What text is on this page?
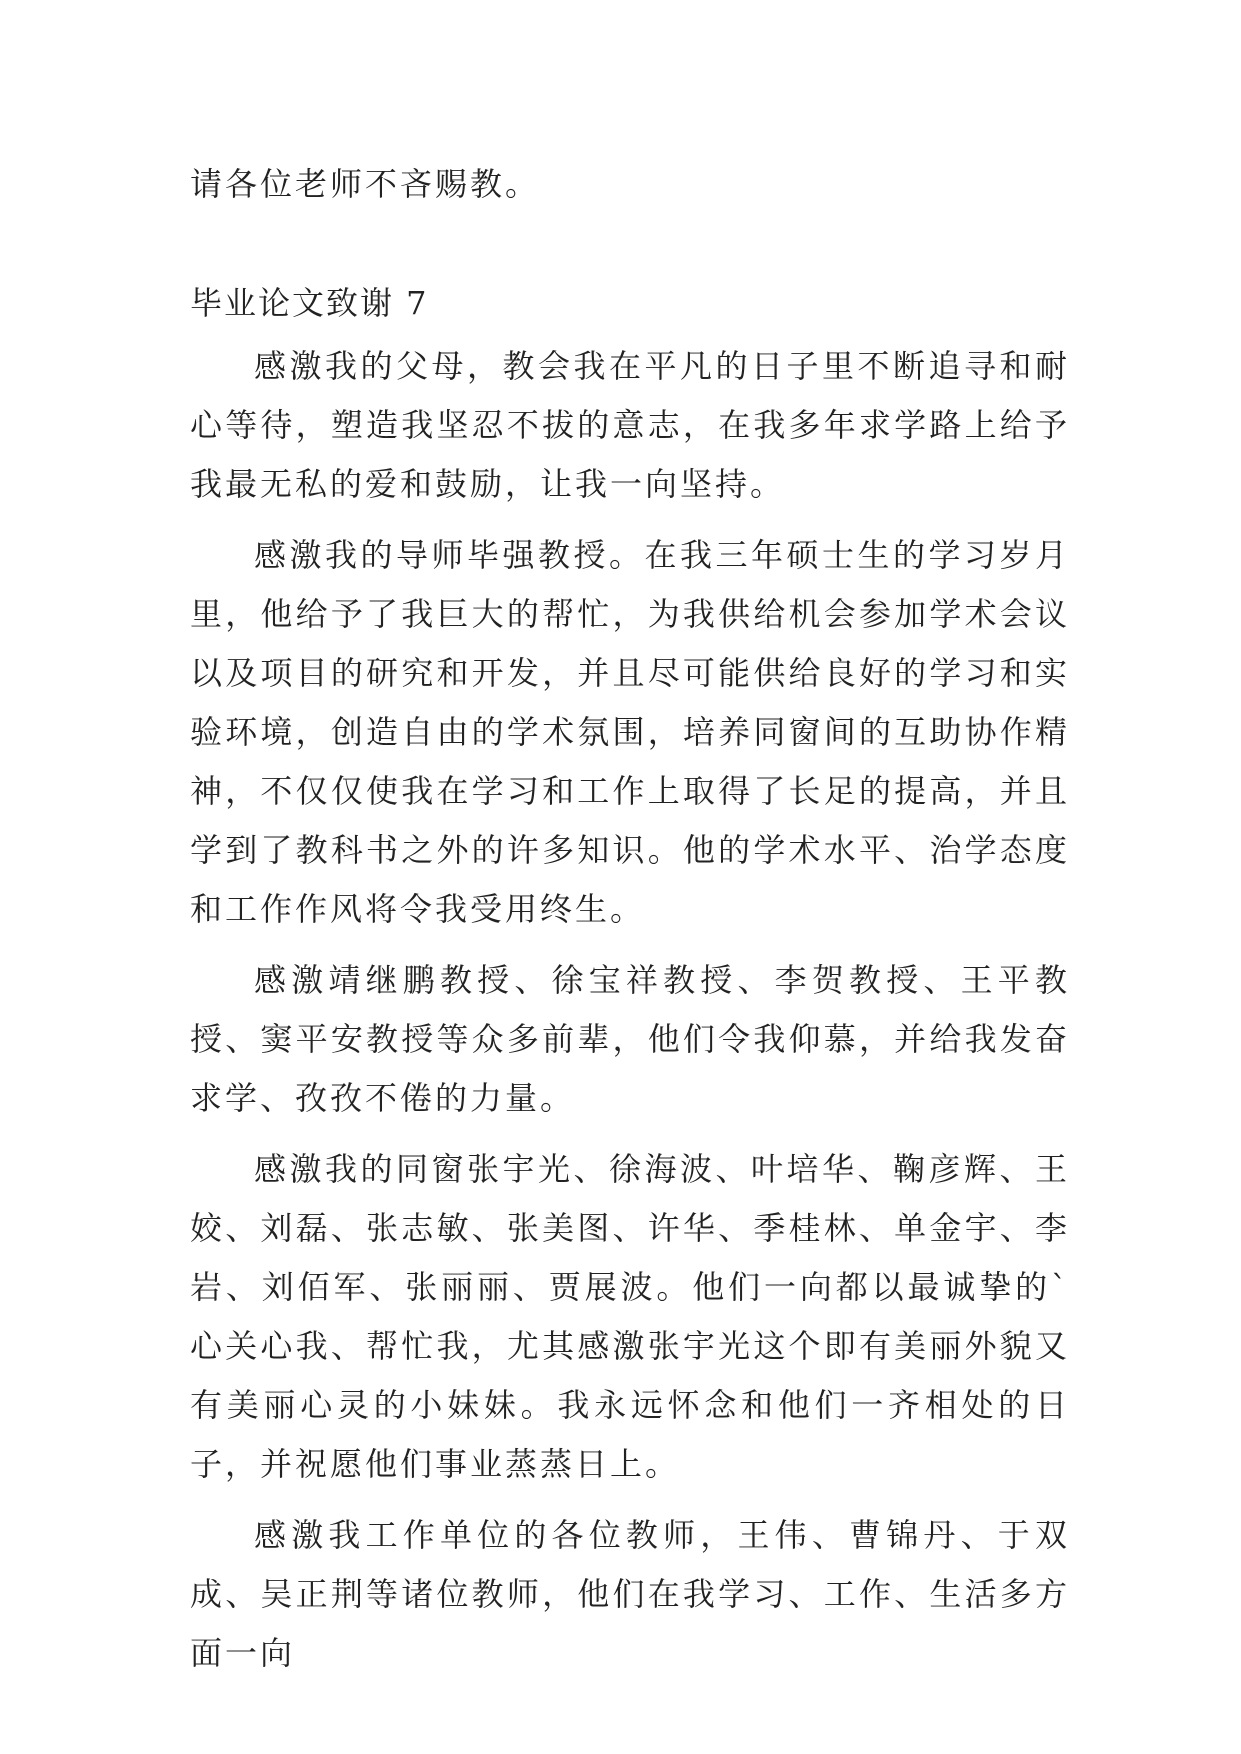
请各位老师不吝赐教。
毕业论文致谢 7

感激我的父母，教会我在平凡的日子里不断追寻和耐心等待，塑造我坚忍不拔的意志，在我多年求学路上给予我最无私的爱和鼓励，让我一向坚持。

感激我的导师毕强教授。在我三年硕士生的学习岁月里，他给予了我巨大的帮忙，为我供给机会参加学术会议以及项目的研究和开发，并且尽可能供给良好的学习和实验环境，创造自由的学术氛围，培养同窗间的互助协作精神，不仅仅使我在学习和工作上取得了长足的提高，并且学到了教科书之外的许多知识。他的学术水平、治学态度和工作作风将令我受用终生。

感激靖继鹏教授、徐宝祥教授、李贺教授、王平教授、窦平安教授等众多前辈，他们令我仰慕，并给我发奋求学、孜孜不倦的力量。

感激我的同窗张宇光、徐海波、叶培华、鞠彦辉、王姣、刘磊、张志敏、张美图、许华、季桂林、单金宇、李岩、刘佰军、张丽丽、贾展波。他们一向都以最诚挚的`心关心我、帮忙我，尤其感激张宇光这个即有美丽外貌又有美丽心灵的小妹妹。我永远怀念和他们一齐相处的日子，并祝愿他们事业蒸蒸日上。

感激我工作单位的各位教师，王伟、曹锦丹、于双成、吴正荆等诸位教师，他们在我学习、工作、生活多方面一向
